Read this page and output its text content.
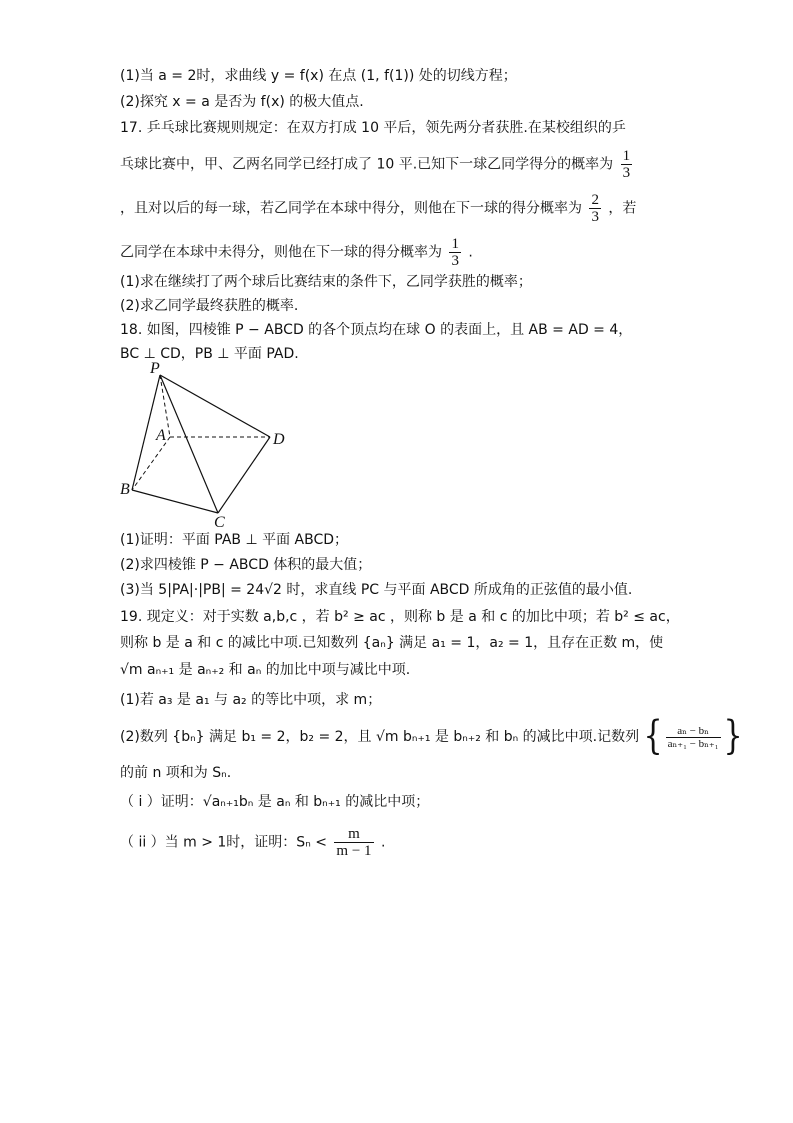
(1)当 a = 2时，求曲线 y = f(x) 在点 (1, f(1)) 处的切线方程；
(2)探究 x = a 是否为 f(x) 的极大值点.
17. 乒乓球比赛规则规定：在双方打成 10 平后，领先两分者获胜.在某校组织的乒
乓球比赛中，甲、乙两名同学已经打成了 10 平.已知下一球乙同学得分的概率为 $\frac{1}{3}$
，且对以后的每一球，若乙同学在本球中得分，则他在下一球的得分概率为 $\frac{2}{3}$ ，若
乙同学在本球中未得分，则他在下一球的得分概率为 $\frac{1}{3}$ .
(1)求在继续打了两个球后比赛结束的条件下，乙同学获胜的概率；
(2)求乙同学最终获胜的概率.
18. 如图，四棱锥 P − ABCD 的各个顶点均在球 O 的表面上，且 AB = AD = 4，
BC ⊥ CD，PB ⊥ 平面 PAD.
P
A	D
B
C
(1)证明：平面 PAB ⊥ 平面 ABCD；
(2)求四棱锥 P − ABCD 体积的最大值；
(3)当 5|PA|·|PB| = 24√2 时，求直线 PC 与平面 ABCD 所成角的正弦值的最小值.
19. 现定义：对于实数 a,b,c ，若 b² ≥ ac ，则称 b 是 a 和 c 的加比中项；若 b² ≤ ac，
则称 b 是 a 和 c 的减比中项.已知数列 {aₙ} 满足 a₁ = 1，a₂ = 1，且存在正数 m，使
√m aₙ₊₁ 是 aₙ₊₂ 和 aₙ 的加比中项与减比中项.
(1)若 a₃ 是 a₁ 与 a₂ 的等比中项，求 m；
(2)数列 {bₙ} 满足 b₁ = 2，b₂ = 2，且 √m bₙ₊₁ 是 bₙ₊₂ 和 bₙ 的减比中项.记数列 { $\frac{\text{aₙ − bₙ}}{\text{aₙ₊₁ − bₙ₊₁}}$ }
的前 n 项和为 Sₙ.
（ i ）证明：√aₙ₊₁bₙ 是 aₙ 和 bₙ₊₁ 的减比中项；
（ ii ）当 m > 1时，证明：$S_n < \frac{m}{m - 1}$ .
